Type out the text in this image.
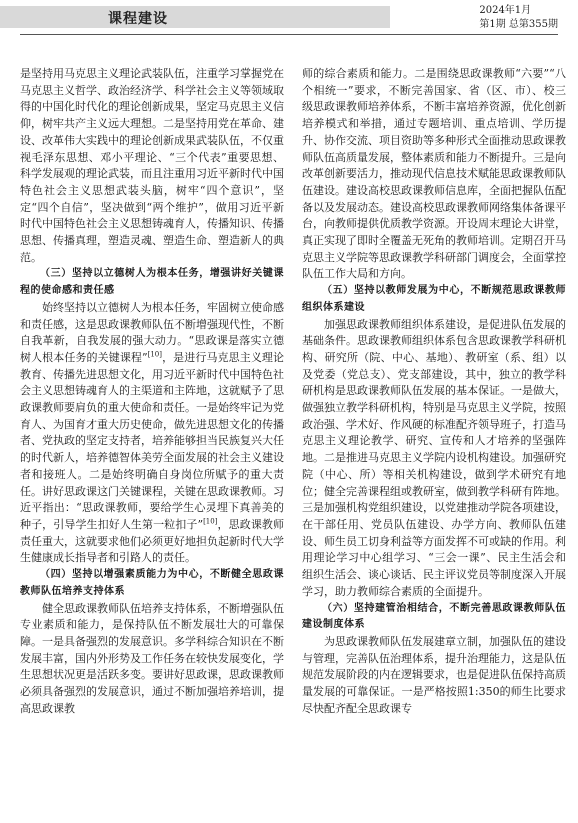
课程建设
2024年1月
第1期 总第355期

是坚持用马克思主义理论武装队伍，注重学习掌握党在马克思主义哲学、政治经济学、科学社会主义等领域取得的中国化时代化的理论创新成果，坚定马克思主义信仰，树牢共产主义远大理想。二是坚持用党在革命、建设、改革伟大实践中的理论创新成果武装队伍，不仅重视毛泽东思想、邓小平理论、“三个代表”重要思想、科学发展观的理论武装，而且注重用习近平新时代中国特色社会主义思想武装头脑，树牢“四个意识”，坚定“四个自信”，坚决做到“两个维护”，做用习近平新时代中国特色社会主义思想铸魂育人，传播知识、传播思想、传播真理，塑造灵魂、塑造生命、塑造新人的典范。

（三）坚持以立德树人为根本任务，增强讲好关键课程的使命感和责任感

始终坚持以立德树人为根本任务，牢固树立使命感和责任感，这是思政课教师队伍不断增强现代性，不断自我革新，自我发展的强大动力。“思政课是落实立德树人根本任务的关键课程”[10]，是进行马克思主义理论教育、传播先进思想文化，用习近平新时代中国特色社会主义思想铸魂育人的主渠道和主阵地，这就赋予了思政课教师要肩负的重大使命和责任。一是始终牢记为党育人、为国育才重大历史使命，做先进思想文化的传播者、党执政的坚定支持者，培养能够担当民族复兴大任的时代新人，培养德智体美劳全面发展的社会主义建设者和接班人。二是始终明确自身岗位所赋予的重大责任。讲好思政课这门关键课程，关键在思政课教师。习近平指出：“思政课教师，要给学生心灵埋下真善美的种子，引导学生扣好人生第一粒扣子”[10]，思政课教师责任重大，这就要求他们必须更好地担负起新时代大学生健康成长指导者和引路人的责任。

（四）坚持以增强素质能力为中心，不断健全思政课教师队伍培养支持体系

健全思政课教师队伍培养支持体系，不断增强队伍专业素质和能力，是保持队伍不断发展壮大的可靠保障。一是具备强烈的发展意识。多学科综合知识在不断发展丰富，国内外形势及工作任务在较快发展变化，学生思想状况更是活跃多变。要讲好思政课，思政课教师必须具备强烈的发展意识，通过不断加强培养培训，提高思政课教

师的综合素质和能力。二是围绕思政课教师“六要”“八个相统一”要求，不断完善国家、省（区、市）、校三级思政课教师培养体系，不断丰富培养资源，优化创新培养模式和举措，通过专题培训、重点培训、学历提升、协作交流、项目资助等多种形式全面推动思政课教师队伍高质量发展，整体素质和能力不断提升。三是向改革创新要活力，推动现代信息技术赋能思政课教师队伍建设。建设高校思政课教师信息库，全面把握队伍配备以及发展动态。建设高校思政课教师网络集体备课平台，向教师提供优质教学资源。开设周末理论大讲堂，真正实现了即时全覆盖无死角的教师培训。定期召开马克思主义学院等思政课教学科研部门调度会，全面掌控队伍工作大局和方向。

（五）坚持以教师发展为中心，不断规范思政课教师组织体系建设

加强思政课教师组织体系建设，是促进队伍发展的基础条件。思政课教师组织体系包含思政课教学科研机构、研究所（院、中心、基地）、教研室（系、组）以及党委（党总支）、党支部建设，其中，独立的教学科研机构是思政课教师队伍发展的基本保证。一是做大，做强独立教学科研机构，特别是马克思主义学院，按照政治强、学术好、作风硬的标准配齐领导班子，打造马克思主义理论教学、研究、宣传和人才培养的坚强阵地。二是推进马克思主义学院内设机构建设。加强研究院（中心、所）等相关机构建设，做到学术研究有地位；健全完善课程组或教研室，做到教学科研有阵地。三是加强机构党组织建设，以党建推动学院各项建设，在干部任用、党员队伍建设、办学方向、教师队伍建设、师生员工切身利益等方面发挥不可或缺的作用。利用理论学习中心组学习、“三会一课”、民主生活会和组织生活会、谈心谈话、民主评议党员等制度深入开展学习，助力教师综合素质的全面提升。

（六）坚持建管治相结合，不断完善思政课教师队伍建设制度体系

为思政课教师队伍发展建章立制，加强队伍的建设与管理，完善队伍治理体系，提升治理能力，这是队伍规范发展阶段的内在逻辑要求，也是促进队伍保持高质量发展的可靠保证。一是严格按照1:350的师生比要求尽快配齐配全思政课专
